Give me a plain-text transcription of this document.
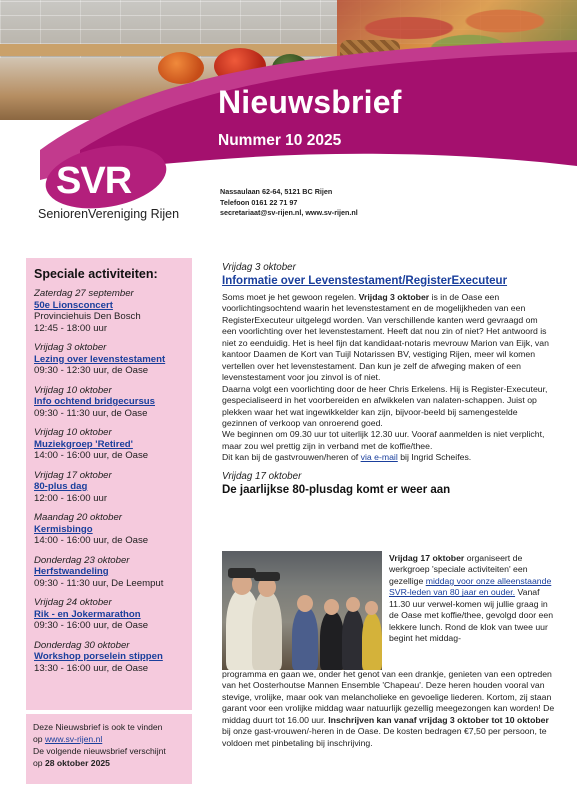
Nieuwsbrief
Nummer 10 2025
SVR
SeniorenVereniging Rijen
Nassaulaan 62-64, 5121 BC Rijen
Telefoon 0161 22 71 97
secretariaat@sv-rijen.nl, www.sv-rijen.nl
Speciale activiteiten:
Zaterdag 27 september
50e Lionsconcert
Provinciehuis Den Bosch
12:45 - 18:00 uur
Vrijdag 3 oktober
Lezing over levenstestament
09:30 - 12:30 uur, de Oase
Vrijdag 10 oktober
Info ochtend bridgecursus
09:30 - 11:30 uur, de Oase
Vrijdag 10 oktober
Muziekgroep 'Retired'
14:00 - 16:00 uur, de Oase
Vrijdag 17 oktober
80-plus dag
12:00 - 16:00 uur
Maandag 20 oktober
Kermisbingo
14:00 - 16:00 uur, de Oase
Donderdag 23 oktober
Herfstwandeling
09:30 - 11:30 uur, De Leemput
Vrijdag 24 oktober
Rik - en Jokermarathon
09:30 - 16:00 uur, de Oase
Donderdag 30 oktober
Workshop porselein stippen
13:30 - 16:00 uur, de Oase
Deze Nieuwsbrief is ook te vinden
op www.sv-rijen.nl
De volgende nieuwsbrief verschijnt
op 28 oktober 2025
Vrijdag 3 oktober
Informatie over Levenstestament/RegisterExecuteur
Soms moet je het gewoon regelen. Vrijdag 3 oktober is in de Oase een voorlichtingsochtend waarin het levenstestament en de mogelijkheden van een RegisterExecuteur uitgelegd worden. Van verschillende kanten werd gevraagd om een voorlichting over het levenstestament. Heeft dat nou zin of niet? Het antwoord is niet zo eenduidig. Het is heel fijn dat kandidaat-notaris mevrouw Marion van Eijk, van kantoor Daamen de Kort van Tuijl Notarissen BV, vestiging Rijen, meer wil komen vertellen over het levenstestament. Dan kun je zelf de afweging maken of een levenstestament voor jou zinvol is of niet.
Daarna volgt een voorlichting door de heer Chris Erkelens. Hij is Register-Executeur, gespecialiseerd in het voorbereiden en afwikkelen van nalaten-schappen. Juist op plekken waar het wat ingewikkelder kan zijn, bijvoor-beeld bij samengestelde gezinnen of verkoop van onroerend goed.
We beginnen om 09.30 uur tot uiterlijk 12.30 uur. Vooraf aanmelden is niet verplicht, maar zou wel prettig zijn in verband met de koffie/thee.
Dit kan bij de gastvrouwen/heren of via e-mail bij Ingrid Scheifes.
Vrijdag 17 oktober
De jaarlijkse 80-plusdag komt er weer aan
Vrijdag 17 oktober organiseert de werkgroep 'speciale activiteiten' een gezellige middag voor onze alleenstaande SVR-leden van 80 jaar en ouder. Vanaf 11.30 uur verwel-komen wij jullie graag in de Oase met koffie/thee, gevolgd door een lekkere lunch. Rond de klok van twee uur begint het middag-
programma en gaan we, onder het genot van een drankje, genieten van een optreden van het Oosterhoutse Mannen Ensemble 'Chapeau'. Deze heren houden vooral van stevige, vrolijke, maar ook van melancholieke en gevoelige liederen. Kortom, zij staan garant voor een vrolijke middag waar natuurlijk gezellig meegezongen kan worden! De middag duurt tot 16.00 uur. Inschrijven kan vanaf vrijdag 3 oktober tot 10 oktober bij onze gast-vrouwen/-heren in de Oase. De kosten bedragen €7,50 per persoon, te voldoen met pinbetaling bij inschrijving.
